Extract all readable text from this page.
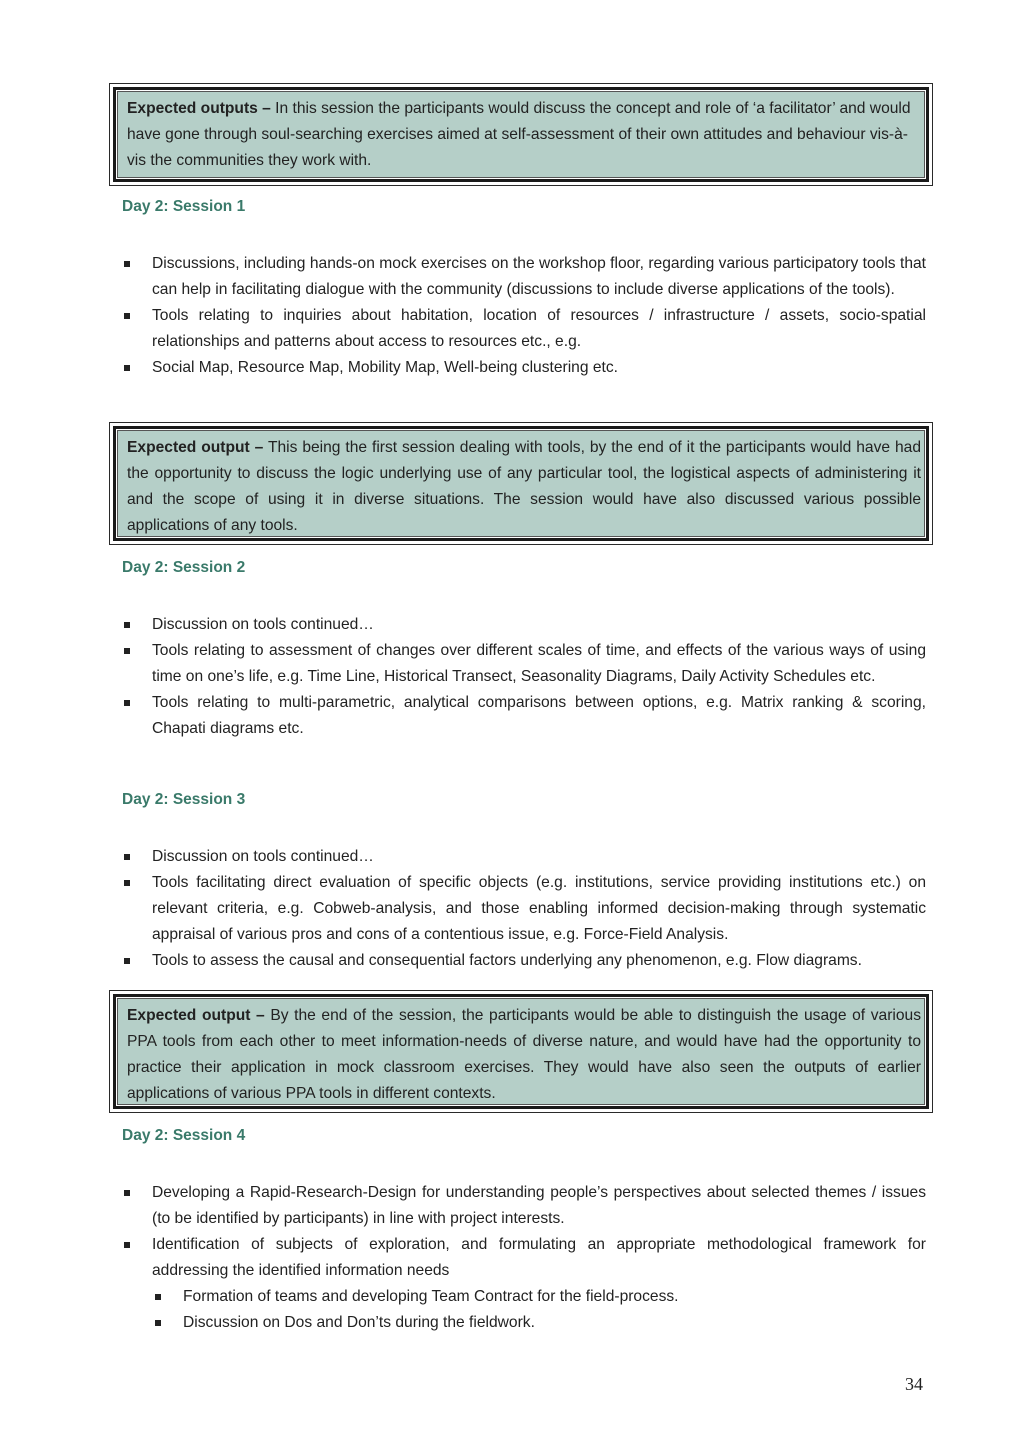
Expected outputs – In this session the participants would discuss the concept and role of ‘a facilitator’ and would have gone through soul-searching exercises aimed at self-assessment of their own attitudes and behaviour vis-à-vis the communities they work with.
Day 2: Session 1
Discussions, including hands-on mock exercises on the workshop floor, regarding various participatory tools that can help in facilitating dialogue with the community (discussions to include diverse applications of the tools).
Tools relating to inquiries about habitation, location of resources / infrastructure / assets, socio-spatial relationships and patterns about access to resources etc., e.g.
Social Map, Resource Map, Mobility Map, Well-being clustering etc.
Expected output – This being the first session dealing with tools, by the end of it the participants would have had the opportunity to discuss the logic underlying use of any particular tool, the logistical aspects of administering it and the scope of using it in diverse situations. The session would have also discussed various possible applications of any tools.
Day 2: Session 2
Discussion on tools continued…
Tools relating to assessment of changes over different scales of time, and effects of the various ways of using time on one’s life, e.g. Time Line, Historical Transect, Seasonality Diagrams, Daily Activity Schedules etc.
Tools relating to multi-parametric, analytical comparisons between options, e.g. Matrix ranking & scoring, Chapati diagrams etc.
Day 2: Session 3
Discussion on tools continued…
Tools facilitating direct evaluation of specific objects (e.g. institutions, service providing institutions etc.) on relevant criteria, e.g. Cobweb-analysis, and those enabling informed decision-making through systematic appraisal of various pros and cons of a contentious issue, e.g. Force-Field Analysis.
Tools to assess the causal and consequential factors underlying any phenomenon, e.g. Flow diagrams.
Expected output – By the end of the session, the participants would be able to distinguish the usage of various PPA tools from each other to meet information-needs of diverse nature, and would have had the opportunity to practice their application in mock classroom exercises. They would have also seen the outputs of earlier applications of various PPA tools in different contexts.
Day 2: Session 4
Developing a Rapid-Research-Design for understanding people’s perspectives about selected themes / issues (to be identified by participants) in line with project interests.
Identification of subjects of exploration, and formulating an appropriate methodological framework for addressing the identified information needs
Formation of teams and developing Team Contract for the field-process.
Discussion on Dos and Don’ts during the fieldwork.
34
